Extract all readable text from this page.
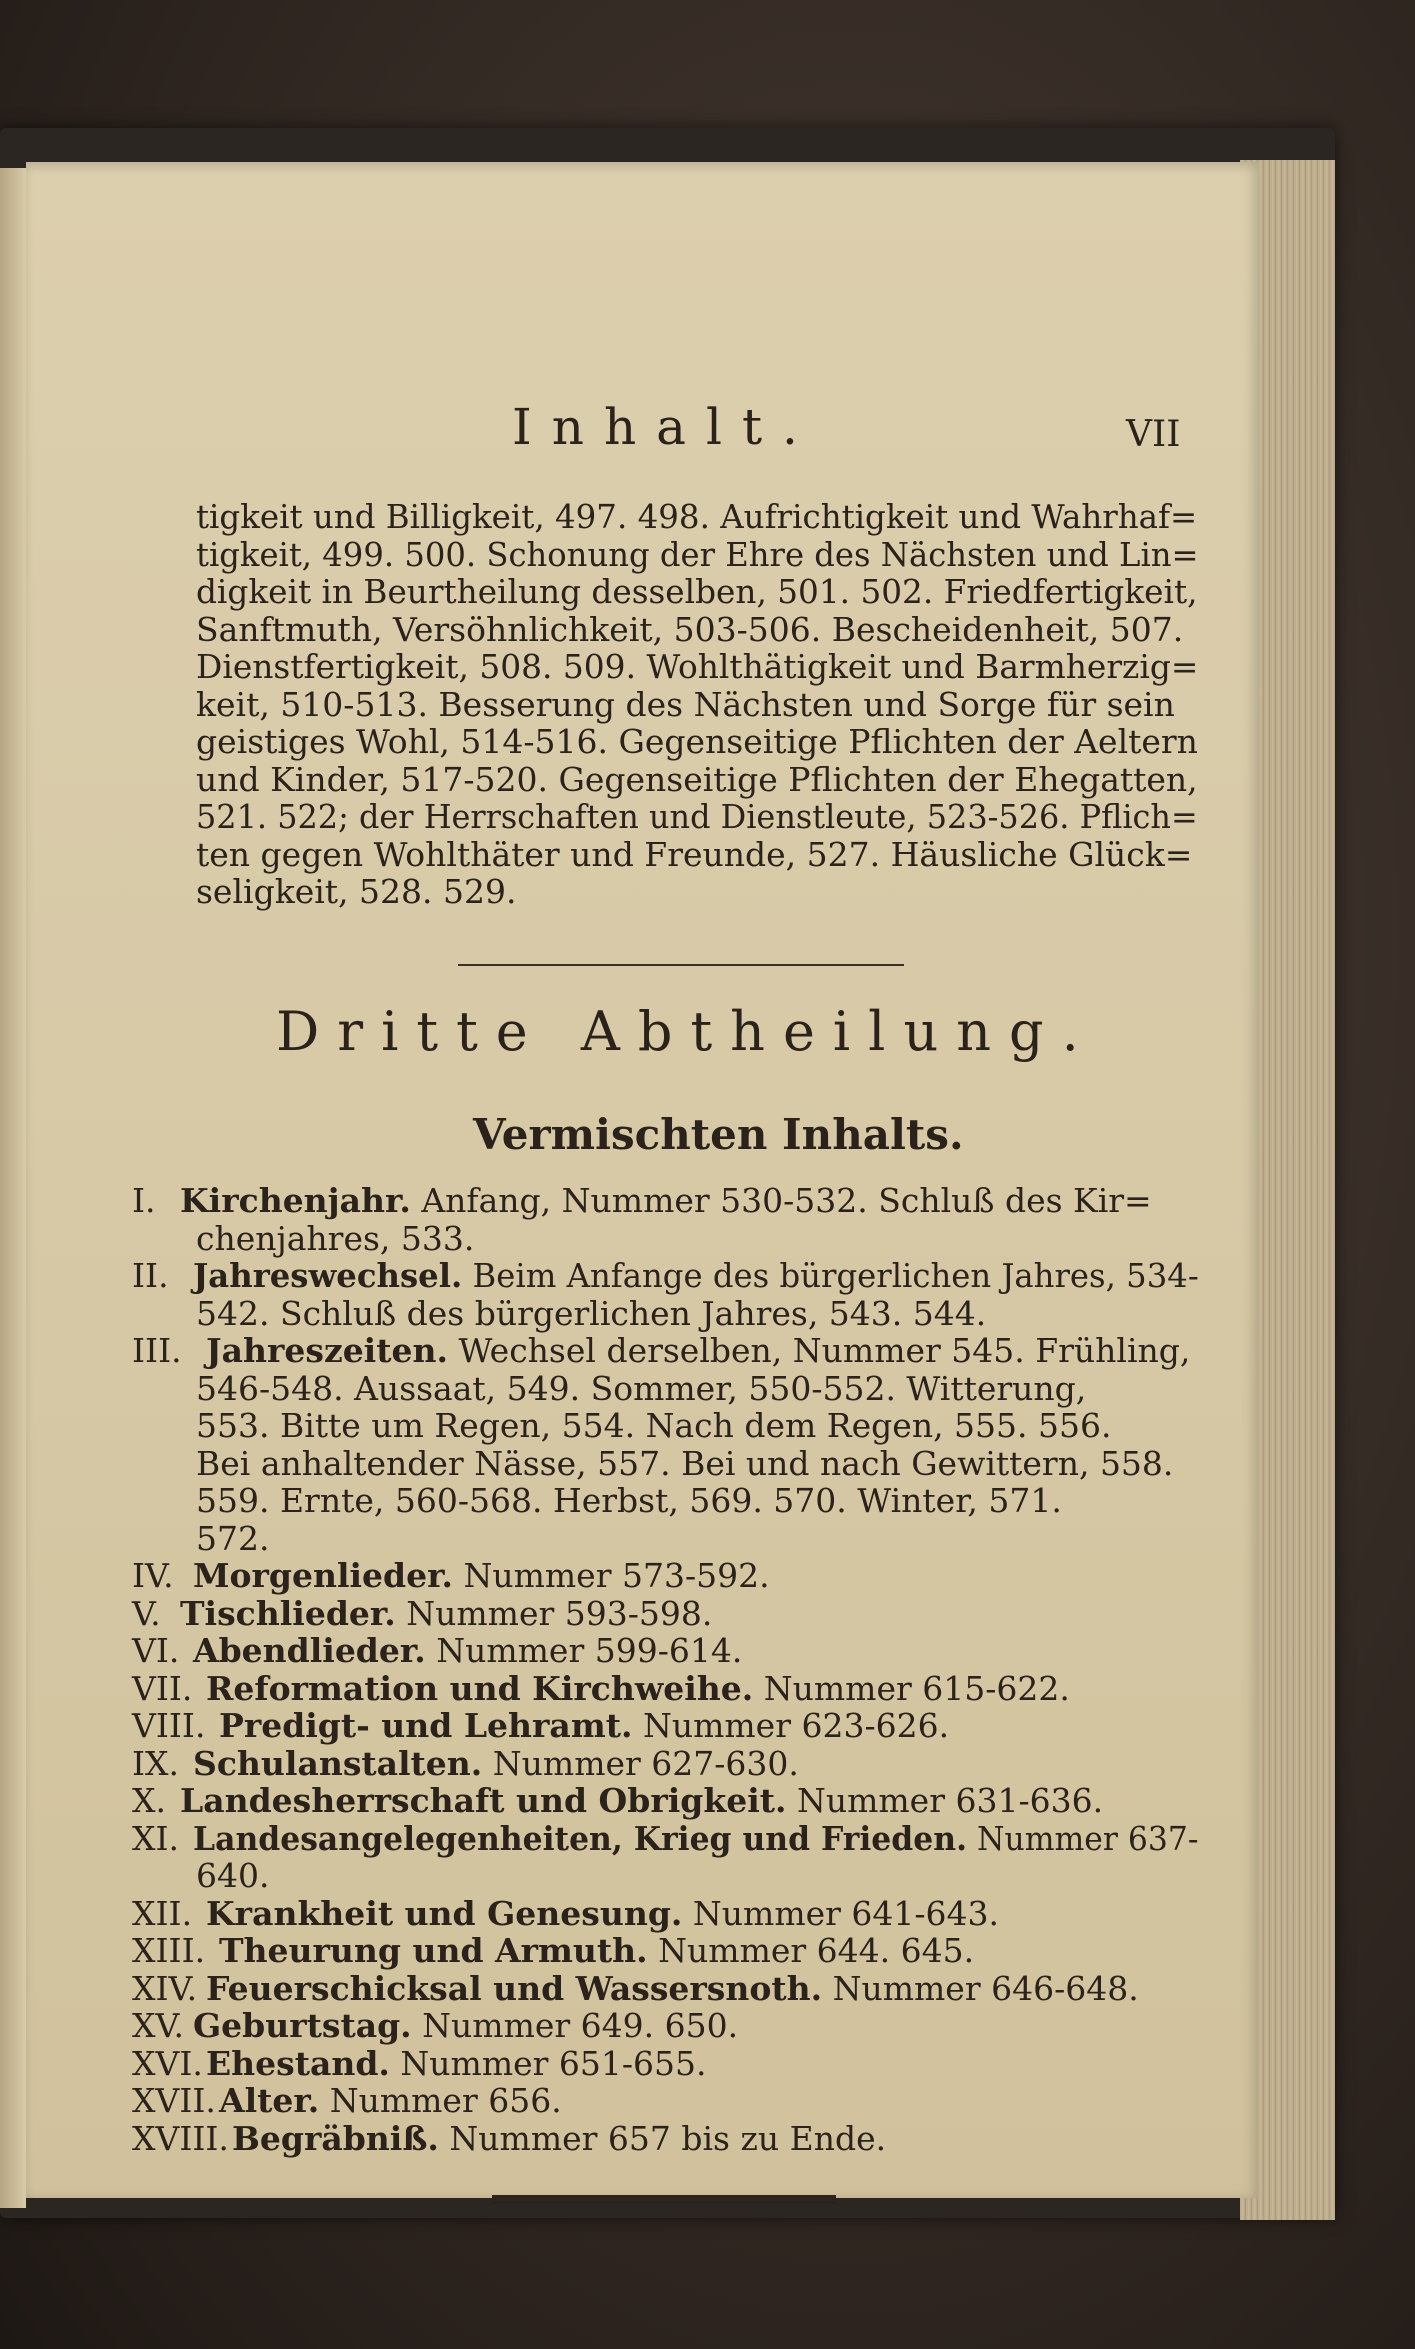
Inhalt.	VII
tigkeit und Billigkeit, 497. 498. Aufrichtigkeit und Wahrhaf=
tigkeit, 499. 500. Schonung der Ehre des Nächsten und Lin=
digkeit in Beurtheilung desselben, 501. 502. Friedfertigkeit,
Sanftmuth, Versöhnlichkeit, 503-506. Bescheidenheit, 507.
Dienstfertigkeit, 508. 509. Wohlthätigkeit und Barmherzig=
keit, 510-513. Besserung des Nächsten und Sorge für sein
geistiges Wohl, 514-516. Gegenseitige Pflichten der Aeltern
und Kinder, 517-520. Gegenseitige Pflichten der Ehegatten,
521. 522; der Herrschaften und Dienstleute, 523-526. Pflich=
ten gegen Wohlthäter und Freunde, 527. Häusliche Glück=
seligkeit, 528. 529.
Dritte Abtheilung.
Vermischten Inhalts.
I. Kirchenjahr. Anfang, Nummer 530-532. Schluß des Kir=
chenjahres, 533.
II. Jahreswechsel. Beim Anfange des bürgerlichen Jahres, 534-
542. Schluß des bürgerlichen Jahres, 543. 544.
III. Jahreszeiten. Wechsel derselben, Nummer 545. Frühling,
546-548. Aussaat, 549. Sommer, 550-552. Witterung,
553. Bitte um Regen, 554. Nach dem Regen, 555. 556.
Bei anhaltender Nässe, 557. Bei und nach Gewittern, 558.
559. Ernte, 560-568. Herbst, 569. 570. Winter, 571.
572.
IV. Morgenlieder. Nummer 573-592.
V. Tischlieder. Nummer 593-598.
VI. Abendlieder. Nummer 599-614.
VII. Reformation und Kirchweihe. Nummer 615-622.
VIII. Predigt- und Lehramt. Nummer 623-626.
IX. Schulanstalten. Nummer 627-630.
X. Landesherrschaft und Obrigkeit. Nummer 631-636.
XI. Landesangelegenheiten, Krieg und Frieden. Nummer 637-
640.
XII. Krankheit und Genesung. Nummer 641-643.
XIII. Theurung und Armuth. Nummer 644. 645.
XIV. Feuerschicksal und Wassersnoth. Nummer 646-648.
XV. Geburtstag. Nummer 649. 650.
XVI. Ehestand. Nummer 651-655.
XVII. Alter. Nummer 656.
XVIII. Begräbniß. Nummer 657 bis zu Ende.
